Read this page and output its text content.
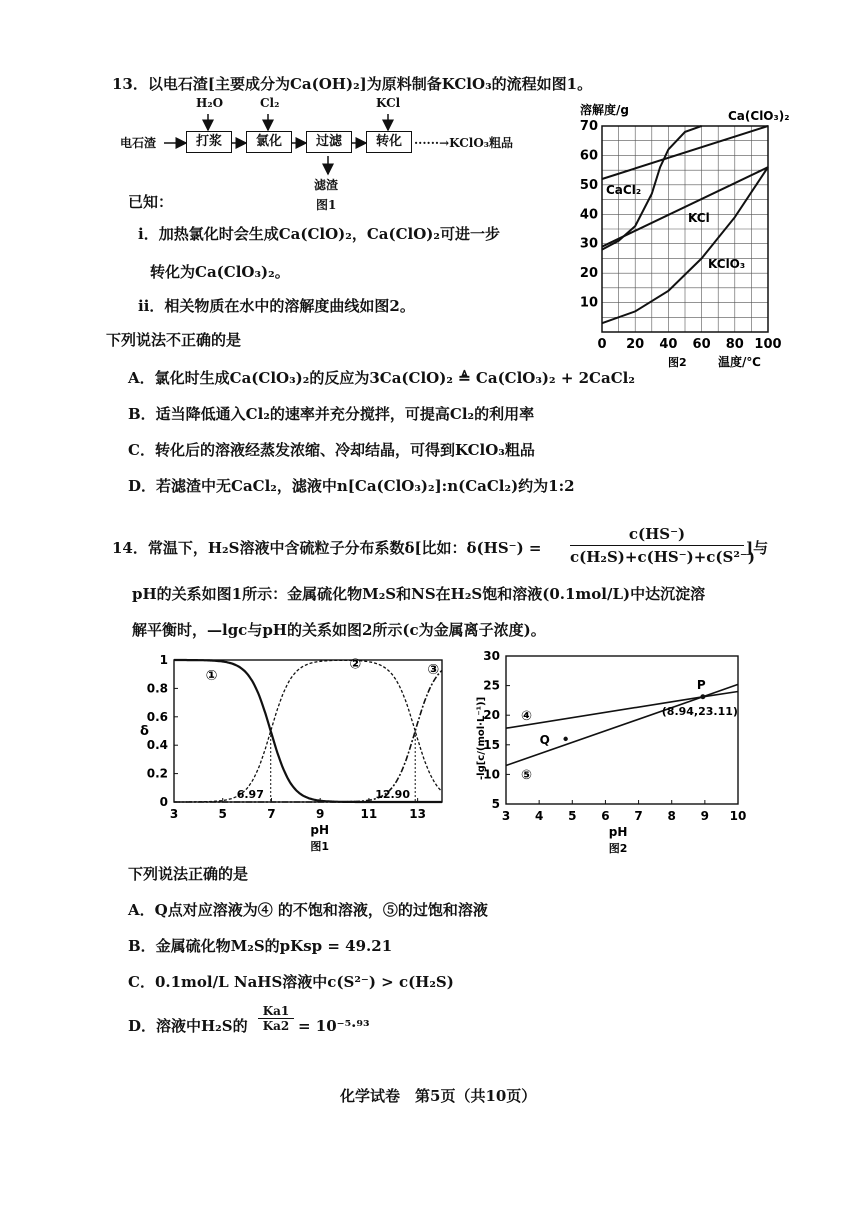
13．以电石渣[主要成分为Ca(OH)₂]为原料制备KClO₃的流程如图1。
电石渣	打浆	氯化	过滤	转化
H₂O	Cl₂	KCl
滤渣
······→KClO₃粗品
图1
已知：
ⅰ．加热氯化时会生成Ca(ClO)₂，Ca(ClO)₂可进一步
转化为Ca(ClO₃)₂。
ⅱ．相关物质在水中的溶解度曲线如图2。
下列说法不正确的是
A．氯化时生成Ca(ClO₃)₂的反应为3Ca(ClO)₂ ≜ Ca(ClO₃)₂ + 2CaCl₂
B．适当降低通入Cl₂的速率并充分搅拌，可提高Cl₂的利用率
C．转化后的溶液经蒸发浓缩、冷却结晶，可得到KClO₃粗品
D．若滤渣中无CaCl₂，滤液中n[Ca(ClO₃)₂]:n(CaCl₂)约为1:2
0 20 40 60 80 100
10
20
30
40
50
60
70
溶解度/g
温度/℃
图2
Ca(ClO₃)₂
CaCl₂
KCl
KClO₃
14．常温下，H₂S溶液中含硫粒子分布系数δ[比如：δ(HS⁻) =
c(HS⁻)
c(H₂S)+c(HS⁻)+c(S²⁻)
]与
pH的关系如图1所示：金属硫化物M₂S和NS在H₂S饱和溶液(0.1mol/L)中达沉淀溶
解平衡时，—lgc与pH的关系如图2所示(c为金属离子浓度)。
3	5	7	9	11	13
0
0.2
0.4
0.6
0.8
1
δ
pH
图1
6.97	12.90
①
②	③
3 4 5 6 7 8 9 10
5
10
15
20
25
30
-lg[c/(mol·L⁻¹)]
pH
图2
P
(8.94,23.11)
Q
④
⑤
下列说法正确的是
A．Q点对应溶液为④ 的不饱和溶液，⑤的过饱和溶液
B．金属硫化物M₂S的pKsp = 49.21
C．0.1mol/L NaHS溶液中c(S²⁻) > c(H₂S)
D．溶液中H₂S的
Ka1
Ka2 = 10⁻⁵·⁹³
化学试卷　第5页（共10页）
